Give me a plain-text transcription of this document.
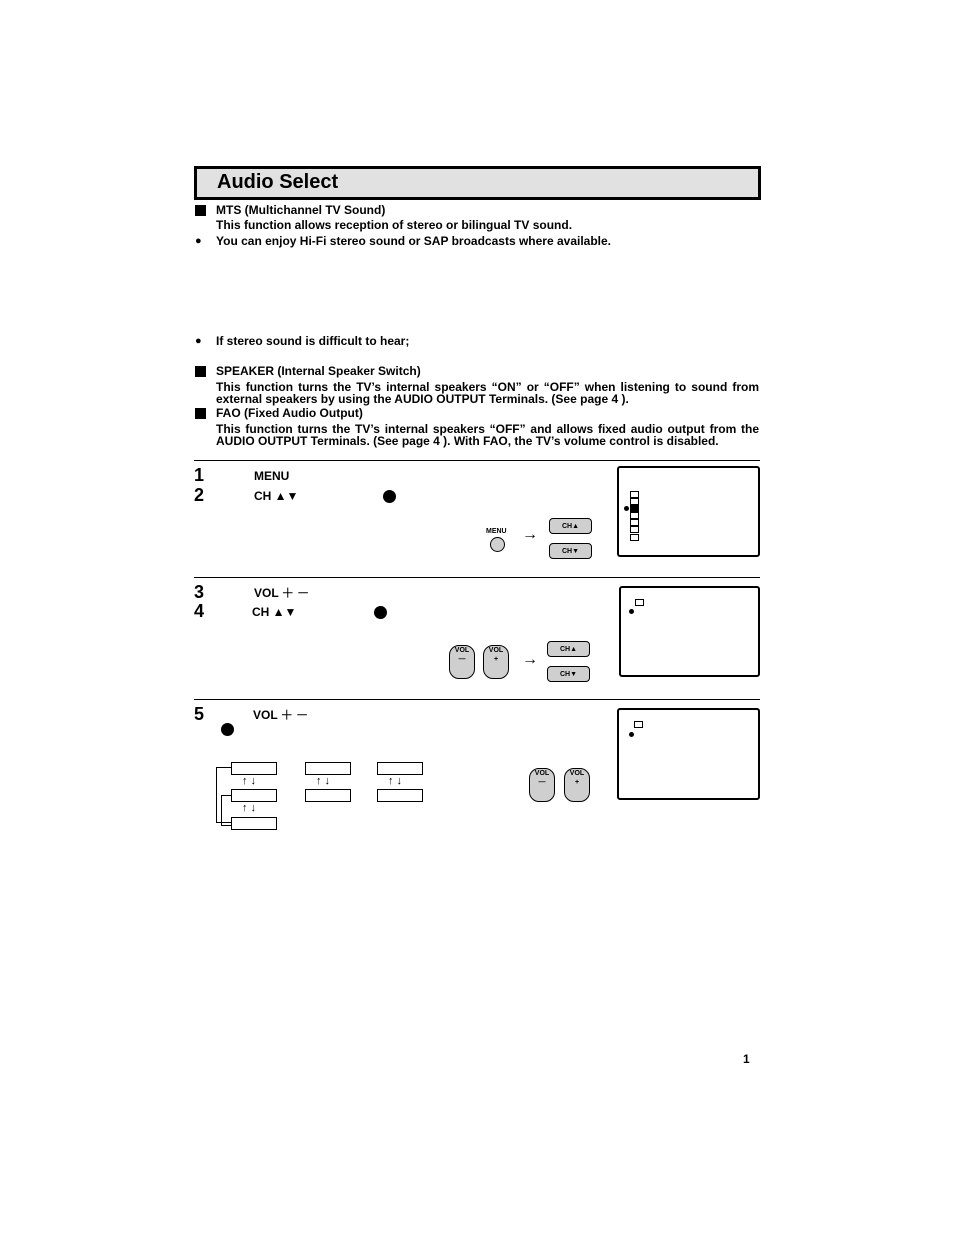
Audio Select
MTS (Multichannel TV Sound)
This function allows reception of stereo or bilingual TV sound.
● You can enjoy Hi-Fi stereo sound or SAP broadcasts where available.
● If stereo sound is difficult to hear;
SPEAKER (Internal Speaker Switch)
This function turns the TV’s internal speakers “ON” or “OFF” when listening to sound from
external speakers by using the AUDIO OUTPUT Terminals. (See page 4 ).
FAO (Fixed Audio Output)
This function turns the TV’s internal speakers “OFF” and allows fixed audio output from the
AUDIO OUTPUT Terminals. (See page 4 ). With FAO, the TV’s volume control is disabled.
1	MENU
2	CH ▲▼
MENU →	CH▲
CH▼
3	VOL ＋ －
4	CH ▲▼
VOL
—
VOL
+	→
CH▲
CH▼
5	VOL ＋ －
↑ ↓
↑ ↓
↑ ↓	↑ ↓
VOL
—
VOL
+
1
